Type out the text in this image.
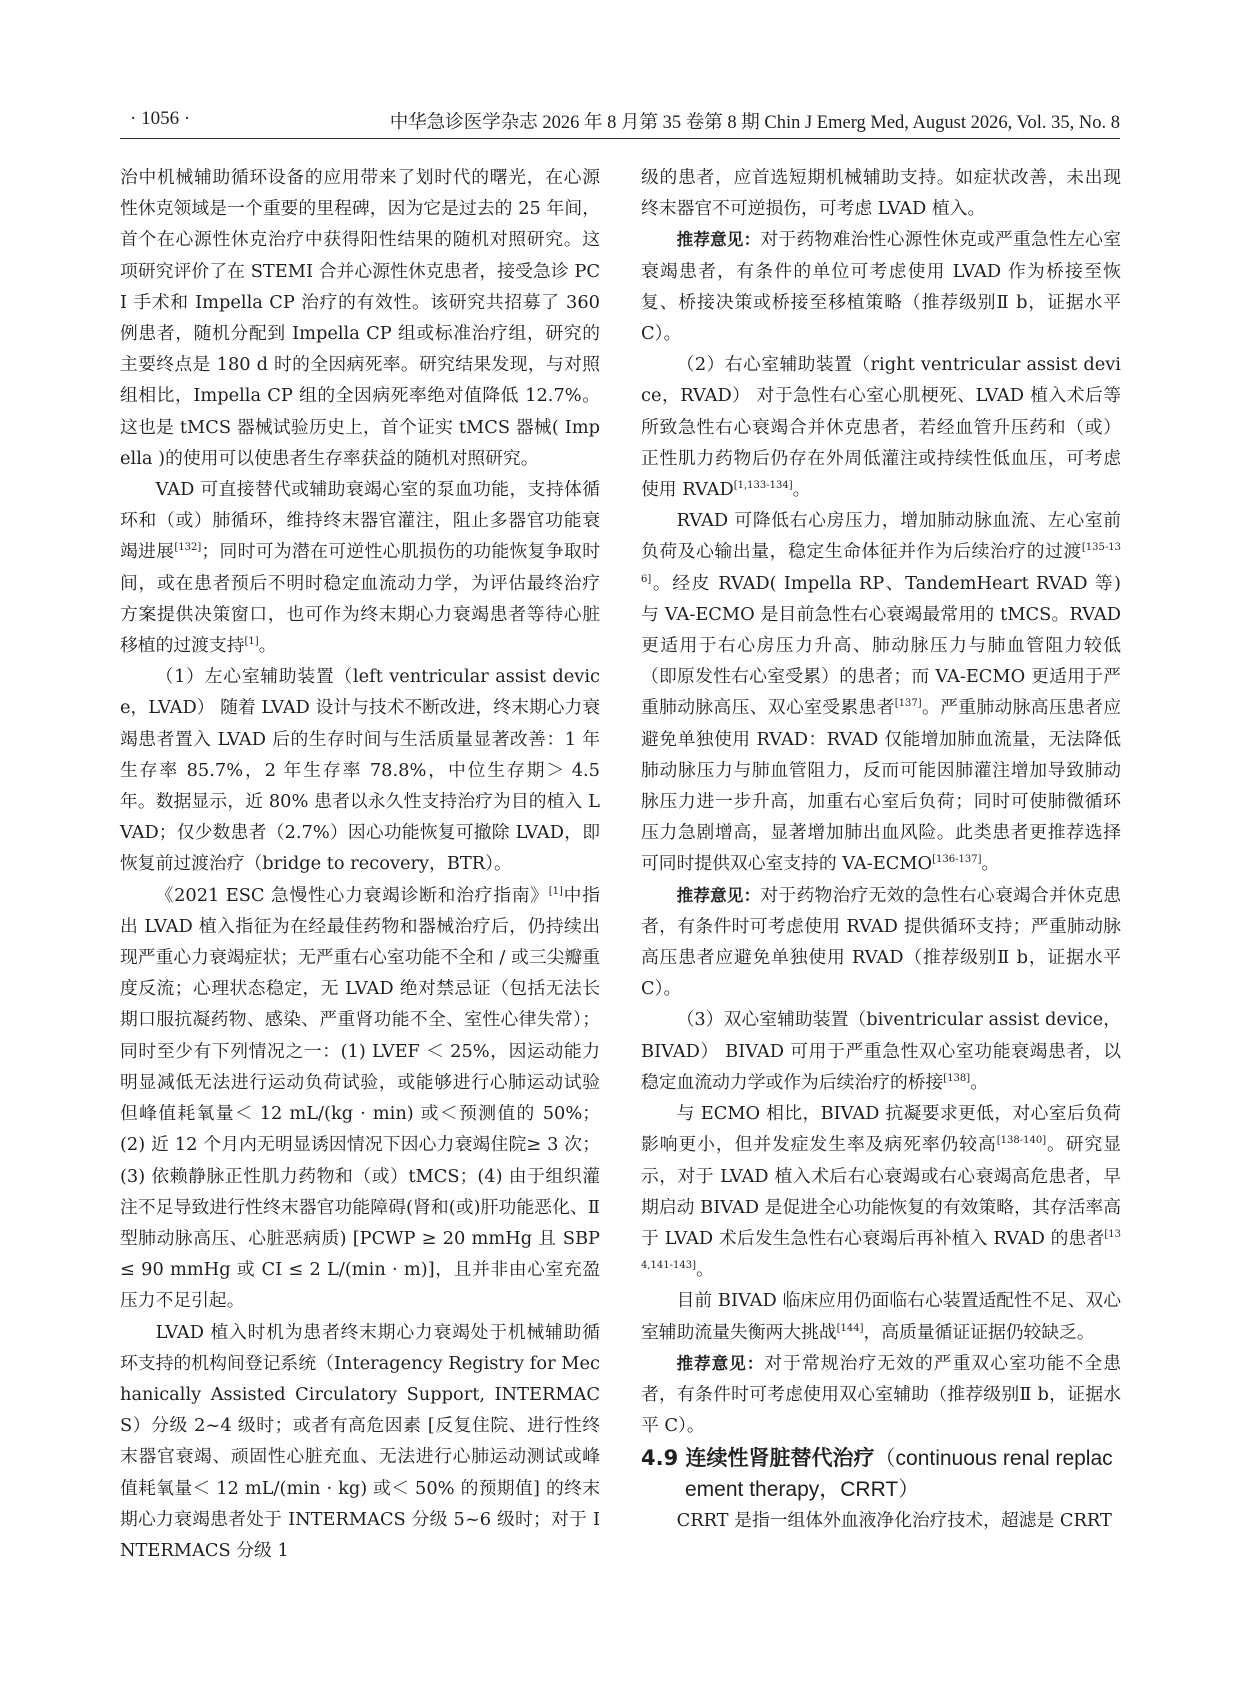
· 1056 ·	中华急诊医学杂志 2026 年 8 月第 35 卷第 8 期 Chin J Emerg Med, August 2026, Vol. 35, No. 8

治中机械辅助循环设备的应用带来了划时代的曙光，在心源性休克领域是一个重要的里程碑，因为它是过去的 25 年间，首个在心源性休克治疗中获得阳性结果的随机对照研究。这项研究评价了在 STEMI 合并心源性休克患者，接受急诊 PCI 手术和 Impella CP 治疗的有效性。该研究共招募了 360 例患者，随机分配到 Impella CP 组或标准治疗组，研究的主要终点是 180 d 时的全因病死率。研究结果发现，与对照组相比，Impella CP 组的全因病死率绝对值降低 12.7%。这也是 tMCS 器械试验历史上，首个证实 tMCS 器械( Impella )的使用可以使患者生存率获益的随机对照研究。

VAD 可直接替代或辅助衰竭心室的泵血功能，支持体循环和（或）肺循环，维持终末器官灌注，阻止多器官功能衰竭进展[132]；同时可为潜在可逆性心肌损伤的功能恢复争取时间，或在患者预后不明时稳定血流动力学，为评估最终治疗方案提供决策窗口，也可作为终末期心力衰竭患者等待心脏移植的过渡支持[1]。

（1）左心室辅助装置（left ventricular assist device，LVAD） 随着 LVAD 设计与技术不断改进，终末期心力衰竭患者置入 LVAD 后的生存时间与生活质量显著改善：1 年生存率 85.7%，2 年生存率 78.8%，中位生存期＞ 4.5 年。数据显示，近 80% 患者以永久性支持治疗为目的植入 LVAD；仅少数患者（2.7%）因心功能恢复可撤除 LVAD，即恢复前过渡治疗（bridge to recovery，BTR）。

《2021 ESC 急慢性心力衰竭诊断和治疗指南》[1]中指出 LVAD 植入指征为在经最佳药物和器械治疗后，仍持续出现严重心力衰竭症状；无严重右心室功能不全和 / 或三尖瓣重度反流；心理状态稳定，无 LVAD 绝对禁忌证（包括无法长期口服抗凝药物、感染、严重肾功能不全、室性心律失常）；同时至少有下列情况之一：(1) LVEF ＜ 25%，因运动能力明显减低无法进行运动负荷试验，或能够进行心肺运动试验但峰值耗氧量＜ 12 mL/(kg · min) 或＜预测值的 50%；(2) 近 12 个月内无明显诱因情况下因心力衰竭住院≥ 3 次；(3) 依赖静脉正性肌力药物和（或）tMCS；(4) 由于组织灌注不足导致进行性终末器官功能障碍(肾和(或)肝功能恶化、Ⅱ型肺动脉高压、心脏恶病质) [PCWP ≥ 20 mmHg 且 SBP ≤ 90 mmHg 或 CI ≤ 2 L/(min · m)]，且并非由心室充盈压力不足引起。

LVAD 植入时机为患者终末期心力衰竭处于机械辅助循环支持的机构间登记系统（Interagency Registry for Mechanically Assisted Circulatory Support, INTERMACS）分级 2~4 级时；或者有高危因素 [反复住院、进行性终末器官衰竭、顽固性心脏充血、无法进行心肺运动测试或峰值耗氧量＜ 12 mL/(min · kg) 或＜ 50% 的预期值] 的终末期心力衰竭患者处于 INTERMACS 分级 5~6 级时；对于 INTERMACS 分级 1

级的患者，应首选短期机械辅助支持。如症状改善，未出现终末器官不可逆损伤，可考虑 LVAD 植入。

推荐意见：对于药物难治性心源性休克或严重急性左心室衰竭患者，有条件的单位可考虑使用 LVAD 作为桥接至恢复、桥接决策或桥接至移植策略（推荐级别Ⅱ b，证据水平 C）。

（2）右心室辅助装置（right ventricular assist device，RVAD） 对于急性右心室心肌梗死、LVAD 植入术后等所致急性右心衰竭合并休克患者，若经血管升压药和（或）正性肌力药物后仍存在外周低灌注或持续性低血压，可考虑使用 RVAD[1,133-134]。

RVAD 可降低右心房压力，增加肺动脉血流、左心室前负荷及心输出量，稳定生命体征并作为后续治疗的过渡[135-136]。经皮 RVAD( Impella RP、TandemHeart RVAD 等) 与 VA-ECMO 是目前急性右心衰竭最常用的 tMCS。RVAD 更适用于右心房压力升高、肺动脉压力与肺血管阻力较低（即原发性右心室受累）的患者；而 VA-ECMO 更适用于严重肺动脉高压、双心室受累患者[137]。严重肺动脉高压患者应避免单独使用 RVAD：RVAD 仅能增加肺血流量，无法降低肺动脉压力与肺血管阻力，反而可能因肺灌注增加导致肺动脉压力进一步升高，加重右心室后负荷；同时可使肺微循环压力急剧增高，显著增加肺出血风险。此类患者更推荐选择可同时提供双心室支持的 VA-ECMO[136-137]。

推荐意见：对于药物治疗无效的急性右心衰竭合并休克患者，有条件时可考虑使用 RVAD 提供循环支持；严重肺动脉高压患者应避免单独使用 RVAD（推荐级别Ⅱ b，证据水平 C）。

（3）双心室辅助装置（biventricular assist device，BIVAD） BIVAD 可用于严重急性双心室功能衰竭患者，以稳定血流动力学或作为后续治疗的桥接[138]。

与 ECMO 相比，BIVAD 抗凝要求更低，对心室后负荷影响更小，但并发症发生率及病死率仍较高[138-140]。研究显示，对于 LVAD 植入术后右心衰竭或右心衰竭高危患者，早期启动 BIVAD 是促进全心功能恢复的有效策略，其存活率高于 LVAD 术后发生急性右心衰竭后再补植入 RVAD 的患者[134,141-143]。

目前 BIVAD 临床应用仍面临右心装置适配性不足、双心室辅助流量失衡两大挑战[144]，高质量循证证据仍较缺乏。

推荐意见：对于常规治疗无效的严重双心室功能不全患者，有条件时可考虑使用双心室辅助（推荐级别Ⅱ b，证据水平 C）。

4.9 连续性肾脏替代治疗（continuous renal replacement therapy，CRRT）

CRRT 是指一组体外血液净化治疗技术，超滤是 CRRT
